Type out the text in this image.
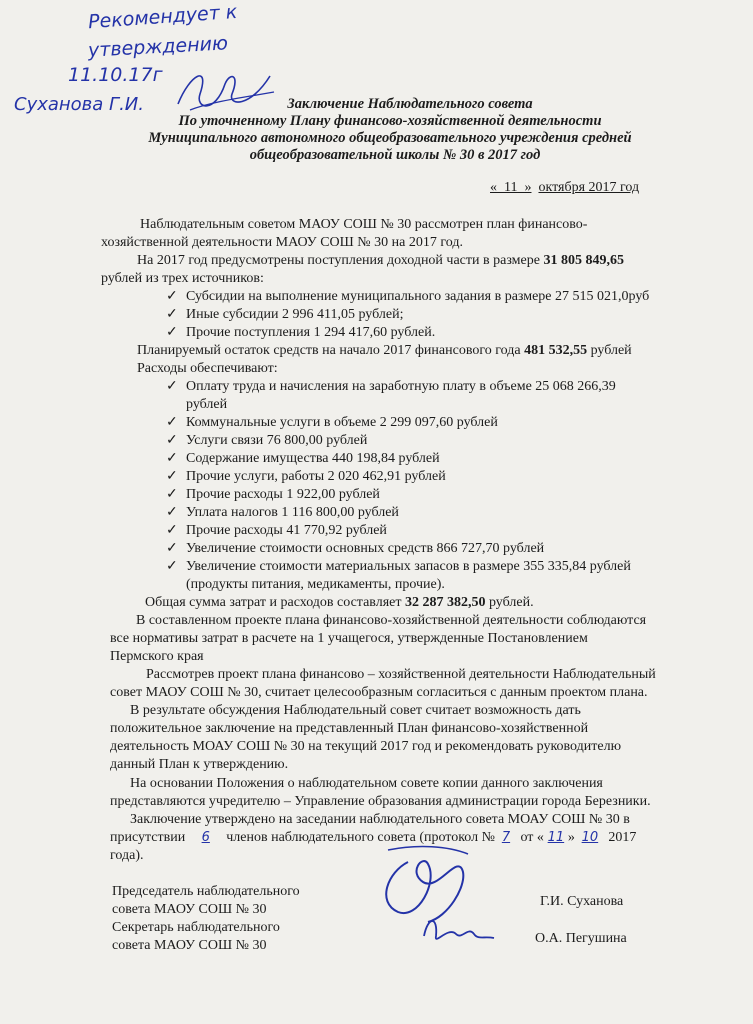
Рекомендует к
утверждению
11.10.17г
Суханова Г.И.	Заключение Наблюдательного совета
По уточненному Плану финансово-хозяйственной деятельности
Муниципального автономного общеобразовательного учреждения средней
общеобразовательной школы № 30 в 2017 год
« 11 » октября 2017 год
Наблюдательным советом МАОУ СОШ № 30 рассмотрен план финансово-
хозяйственной деятельности МАОУ СОШ № 30 на 2017 год.
На 2017 год предусмотрены поступления доходной части в размере 31 805 849,65
рублей из трех источников:
✓ Субсидии на выполнение муниципального задания в размере 27 515 021,0руб
✓ Иные субсидии 2 996 411,05 рублей;
✓ Прочие поступления 1 294 417,60 рублей.
Планируемый остаток средств на начало 2017 финансового года 481 532,55 рублей
Расходы обеспечивают:
✓ Оплату труда и начисления на заработную плату в объеме 25 068 266,39
рублей
✓ Коммунальные услуги в объеме 2 299 097,60 рублей
✓ Услуги связи 76 800,00 рублей
✓ Содержание имущества 440 198,84 рублей
✓ Прочие услуги, работы 2 020 462,91 рублей
✓ Прочие расходы 1 922,00 рублей
✓ Уплата налогов 1 116 800,00 рублей
✓ Прочие расходы 41 770,92 рублей
✓ Увеличение стоимости основных средств 866 727,70 рублей
✓ Увеличение стоимости материальных запасов в размере 355 335,84 рублей
(продукты питания, медикаменты, прочие).
Общая сумма затрат и расходов составляет 32 287 382,50 рублей.
В составленном проекте плана финансово-хозяйственной деятельности соблюдаются
все нормативы затрат в расчете на 1 учащегося, утвержденные Постановлением
Пермского края
Рассмотрев проект плана финансово – хозяйственной деятельности Наблюдательный
совет МАОУ СОШ № 30, считает целесообразным согласиться с данным проектом плана.
В результате обсуждения Наблюдательный совет считает возможность дать
положительное заключение на представленный План финансово-хозяйственной
деятельность МОАУ СОШ № 30 на текущий 2017 год и рекомендовать руководителю
данный План к утверждению.
На основании Положения о наблюдательном совете копии данного заключения
представляются учредителю – Управление образования администрации города Березники.
Заключение утверждено на заседании наблюдательного совета МОАУ СОШ № 30 в
присутствии 6 членов наблюдательного совета (протокол № 7 от « 11 » 10 2017
года).
Председатель наблюдательного
совета МАОУ СОШ № 30
Секретарь наблюдательного
совета МАОУ СОШ № 30
Г.И. Суханова
О.А. Пегушина
